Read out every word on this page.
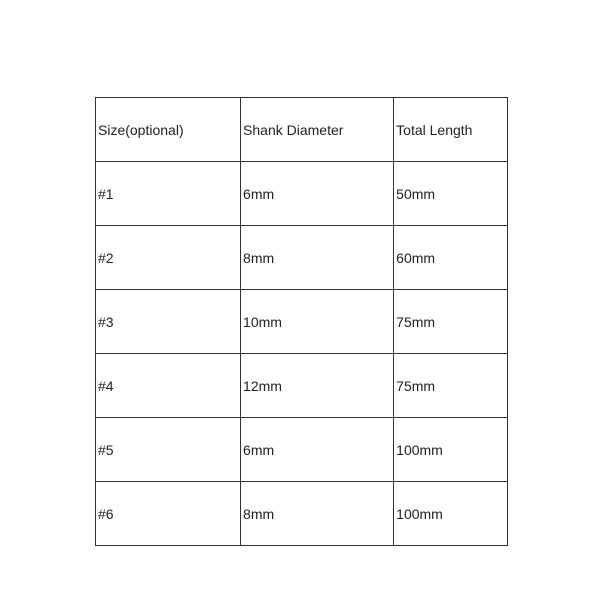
Size(optional)	Shank Diameter	Total Length
#1	6mm	50mm
#2	8mm	60mm
#3	10mm	75mm
#4	12mm	75mm
#5	6mm	100mm
#6	8mm	100mm
